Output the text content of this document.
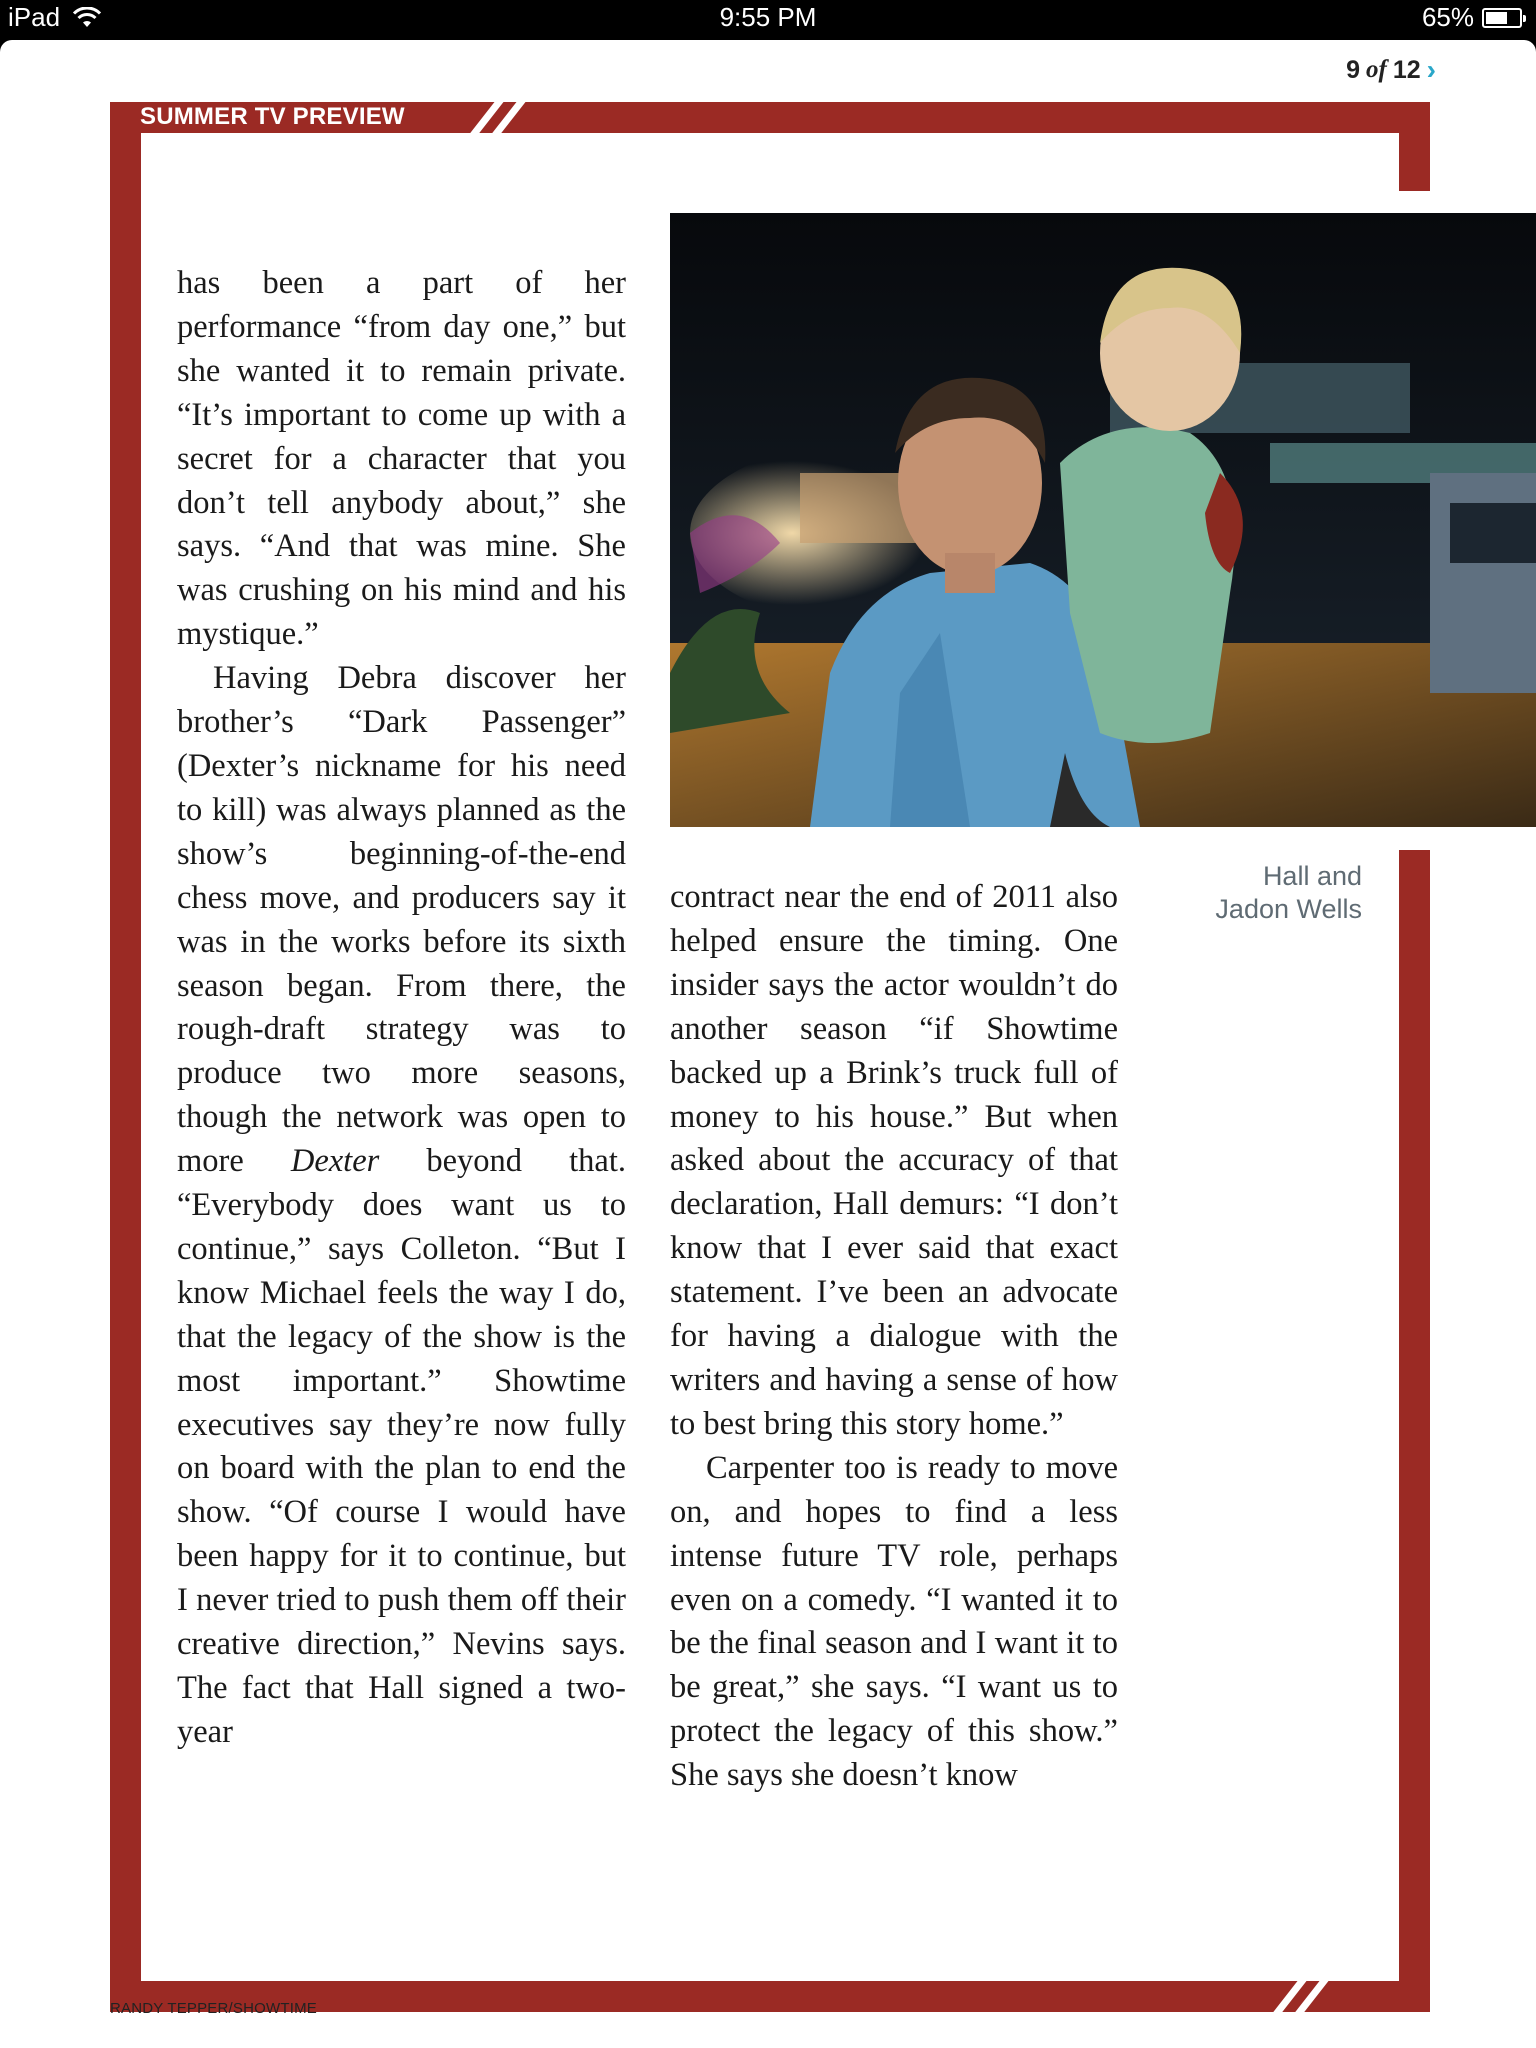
iPad	9:55 PM	65%
9 of 12 ›
SUMMER TV PREVIEW
Hall and
Jadon Wells

has been a part of her performance “from day one,” but she wanted it to remain private. “It’s important to come up with a secret for a character that you don’t tell anybody about,” she says. “And that was mine. She was crushing on his mind and his mystique.”

Having Debra discover her brother’s “Dark Passenger” (Dexter’s nickname for his need to kill) was always planned as the show’s beginning-of-the-end chess move, and producers say it was in the works before its sixth season began. From there, the rough-draft strategy was to produce two more seasons, though the network was open to more Dexter beyond that. “Everybody does want us to continue,” says Colleton. “But I know Michael feels the way I do, that the legacy of the show is the most important.” Showtime executives say they’re now fully on board with the plan to end the show. “Of course I would have been happy for it to continue, but I never tried to push them off their creative direction,” Nevins says. The fact that Hall signed a two-year

contract near the end of 2011 also helped ensure the timing. One insider says the actor wouldn’t do another season “if Showtime backed up a Brink’s truck full of money to his house.” But when asked about the accuracy of that declaration, Hall demurs: “I don’t know that I ever said that exact statement. I’ve been an advocate for having a dialogue with the writers and having a sense of how to best bring this story home.”

Carpenter too is ready to move on, and hopes to find a less intense future TV role, perhaps even on a comedy. “I wanted it to be the final season and I want it to be great,” she says. “I want us to protect the legacy of this show.” She says she doesn’t know

RANDY TEPPER/SHOWTIME
